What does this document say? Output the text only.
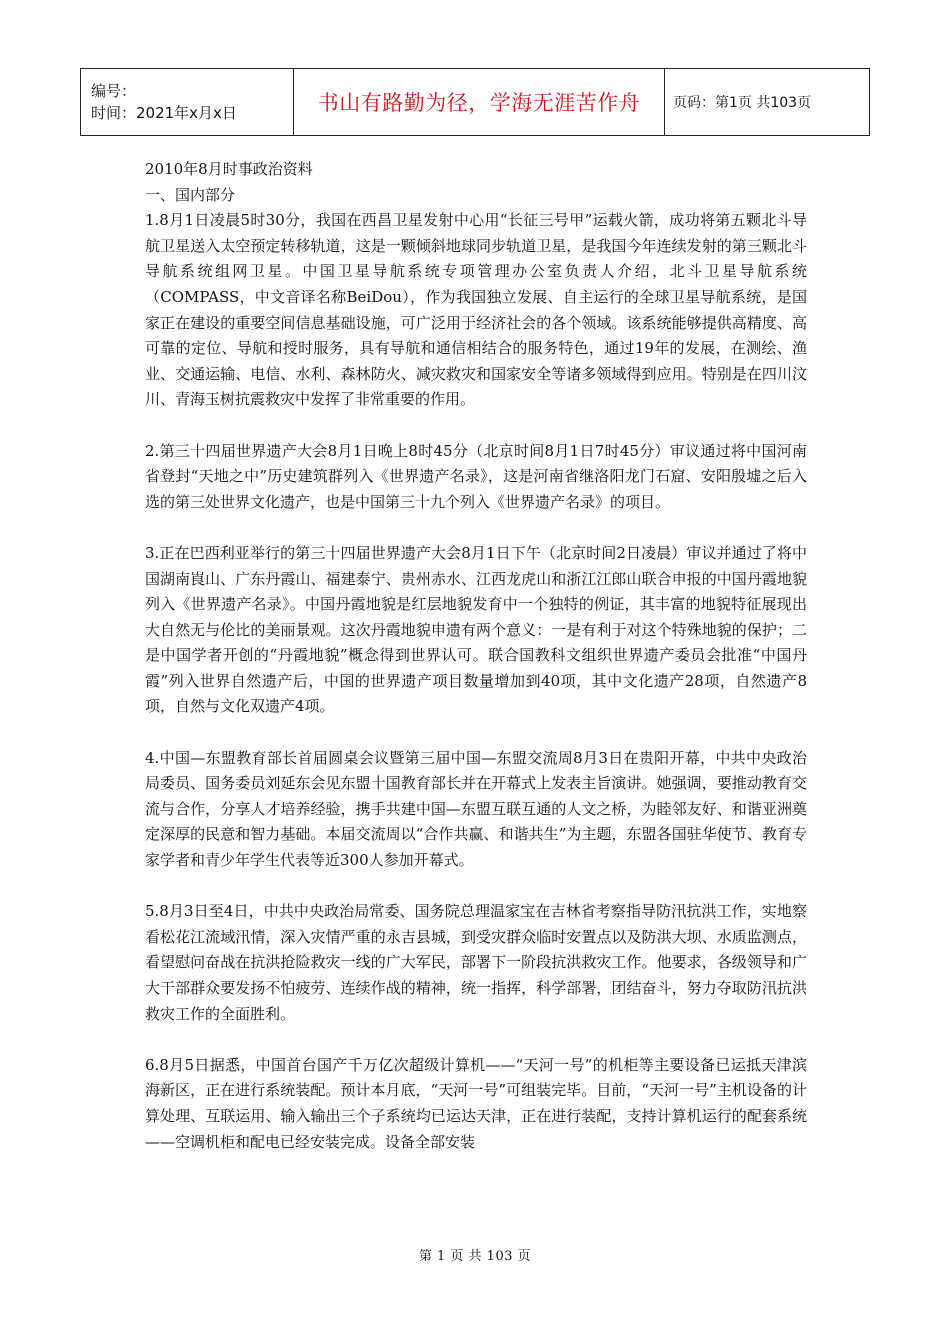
编号：
时间：2021年x月x日	书山有路勤为径，学海无涯苦作舟	页码：第1页 共103页

2010年8月时事政治资料

一、国内部分

1.8月1日凌晨5时30分，我国在西昌卫星发射中心用“长征三号甲”运载火箭，成功将第五颗北斗导航卫星送入太空预定转移轨道，这是一颗倾斜地球同步轨道卫星，是我国今年连续发射的第三颗北斗导航系统组网卫星。中国卫星导航系统专项管理办公室负责人介绍，北斗卫星导航系统（COMPASS，中文音译名称BeiDou），作为我国独立发展、自主运行的全球卫星导航系统，是国家正在建设的重要空间信息基础设施，可广泛用于经济社会的各个领域。该系统能够提供高精度、高可靠的定位、导航和授时服务，具有导航和通信相结合的服务特色，通过19年的发展，在测绘、渔业、交通运输、电信、水利、森林防火、减灾救灾和国家安全等诸多领域得到应用。特别是在四川汶川、青海玉树抗震救灾中发挥了非常重要的作用。

2.第三十四届世界遗产大会8月1日晚上8时45分（北京时间8月1日7时45分）审议通过将中国河南省登封“天地之中”历史建筑群列入《世界遗产名录》，这是河南省继洛阳龙门石窟、安阳殷墟之后入选的第三处世界文化遗产，也是中国第三十九个列入《世界遗产名录》的项目。

3.正在巴西利亚举行的第三十四届世界遗产大会8月1日下午（北京时间2日凌晨）审议并通过了将中国湖南崀山、广东丹霞山、福建泰宁、贵州赤水、江西龙虎山和浙江江郎山联合申报的中国丹霞地貌列入《世界遗产名录》。中国丹霞地貌是红层地貌发育中一个独特的例证，其丰富的地貌特征展现出大自然无与伦比的美丽景观。这次丹霞地貌申遗有两个意义：一是有利于对这个特殊地貌的保护；二是中国学者开创的“丹霞地貌”概念得到世界认可。联合国教科文组织世界遗产委员会批准“中国丹霞”列入世界自然遗产后，中国的世界遗产项目数量增加到40项，其中文化遗产28项，自然遗产8项，自然与文化双遗产4项。

4.中国—东盟教育部长首届圆桌会议暨第三届中国—东盟交流周8月3日在贵阳开幕，中共中央政治局委员、国务委员刘延东会见东盟十国教育部长并在开幕式上发表主旨演讲。她强调，要推动教育交流与合作，分享人才培养经验，携手共建中国—东盟互联互通的人文之桥，为睦邻友好、和谐亚洲奠定深厚的民意和智力基础。本届交流周以“合作共赢、和谐共生”为主题，东盟各国驻华使节、教育专家学者和青少年学生代表等近300人参加开幕式。

5.8月3日至4日，中共中央政治局常委、国务院总理温家宝在吉林省考察指导防汛抗洪工作，实地察看松花江流域汛情，深入灾情严重的永吉县城，到受灾群众临时安置点以及防洪大坝、水质监测点，看望慰问奋战在抗洪抢险救灾一线的广大军民，部署下一阶段抗洪救灾工作。他要求，各级领导和广大干部群众要发扬不怕疲劳、连续作战的精神，统一指挥，科学部署，团结奋斗，努力夺取防汛抗洪救灾工作的全面胜利。

6.8月5日据悉，中国首台国产千万亿次超级计算机——“天河一号”的机柜等主要设备已运抵天津滨海新区，正在进行系统装配。预计本月底，“天河一号”可组装完毕。目前，“天河一号”主机设备的计算处理、互联运用、输入输出三个子系统均已运达天津，正在进行装配，支持计算机运行的配套系统——空调机柜和配电已经安装完成。设备全部安装

第 1 页 共 103 页
